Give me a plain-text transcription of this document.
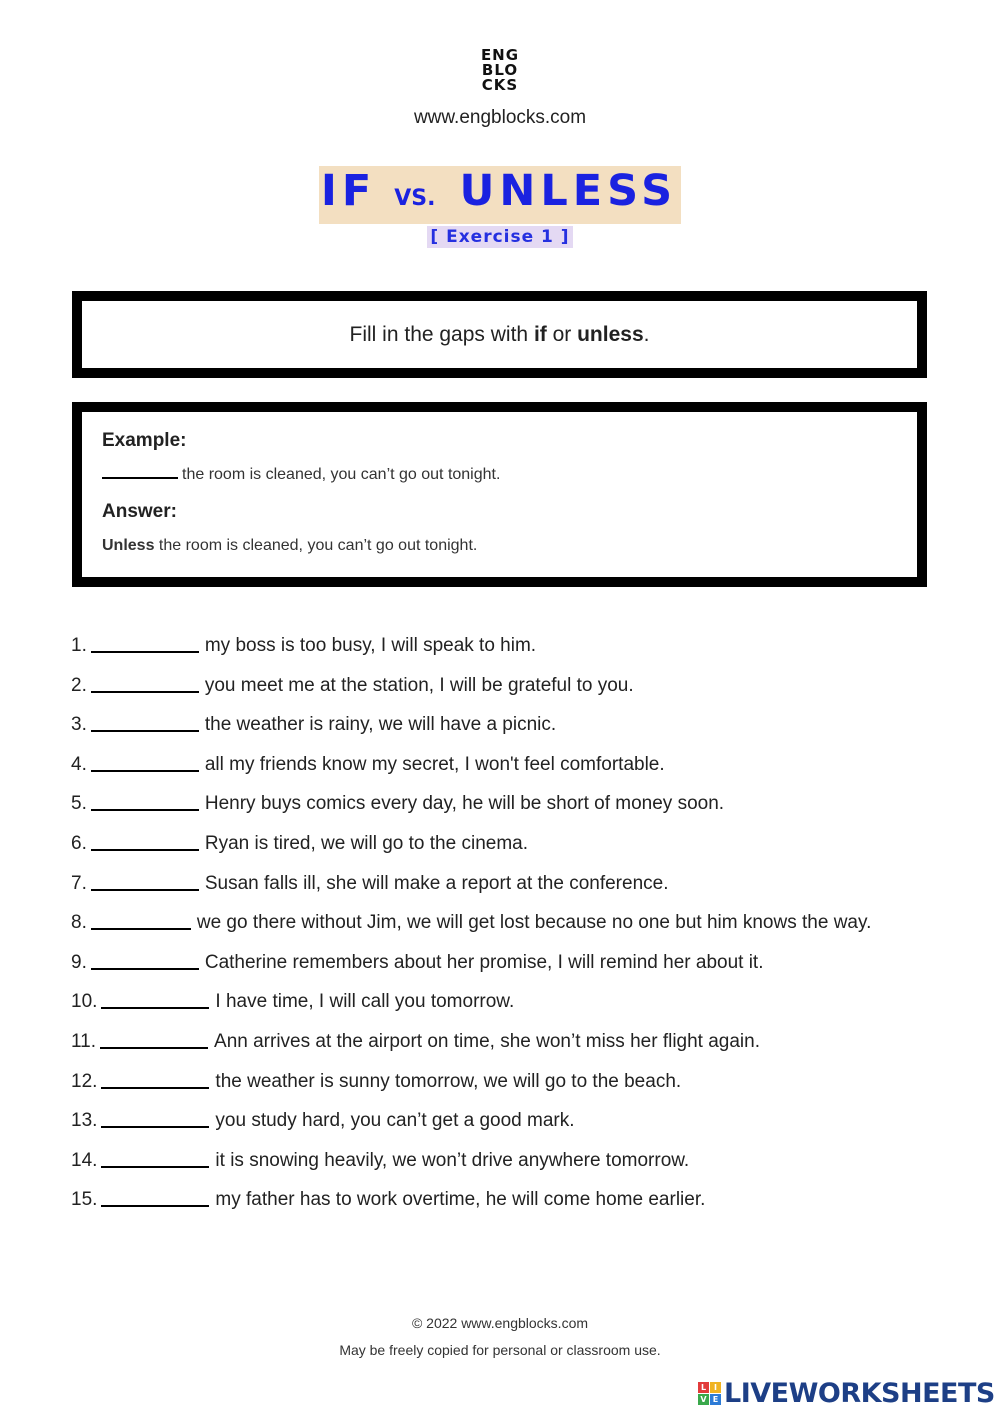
ENG
BLO
CKS
www.engblocks.com
IF VS. UNLESS
[ Exercise 1 ]
Fill in the gaps with if or unless.
Example:
the room is cleaned, you can’t go out tonight.
Answer:
Unless the room is cleaned, you can’t go out tonight.
1.	my boss is too busy, I will speak to him.
2.	you meet me at the station, I will be grateful to you.
3.	the weather is rainy, we will have a picnic.
4.	all my friends know my secret, I won't feel comfortable.
5.	Henry buys comics every day, he will be short of money soon.
6.	Ryan is tired, we will go to the cinema.
7.	Susan falls ill, she will make a report at the conference.
8.	we go there without Jim, we will get lost because no one but him knows the way.
9.	Catherine remembers about her promise, I will remind her about it.
10.	I have time, I will call you tomorrow.
11.	Ann arrives at the airport on time, she won’t miss her flight again.
12.	the weather is sunny tomorrow, we will go to the beach.
13.	you study hard, you can’t get a good mark.
14.	it is snowing heavily, we won’t drive anywhere tomorrow.
15.	my father has to work overtime, he will come home earlier.
© 2022 www.engblocks.com
May be freely copied for personal or classroom use.
L I
V E LIVEWORKSHEETS
